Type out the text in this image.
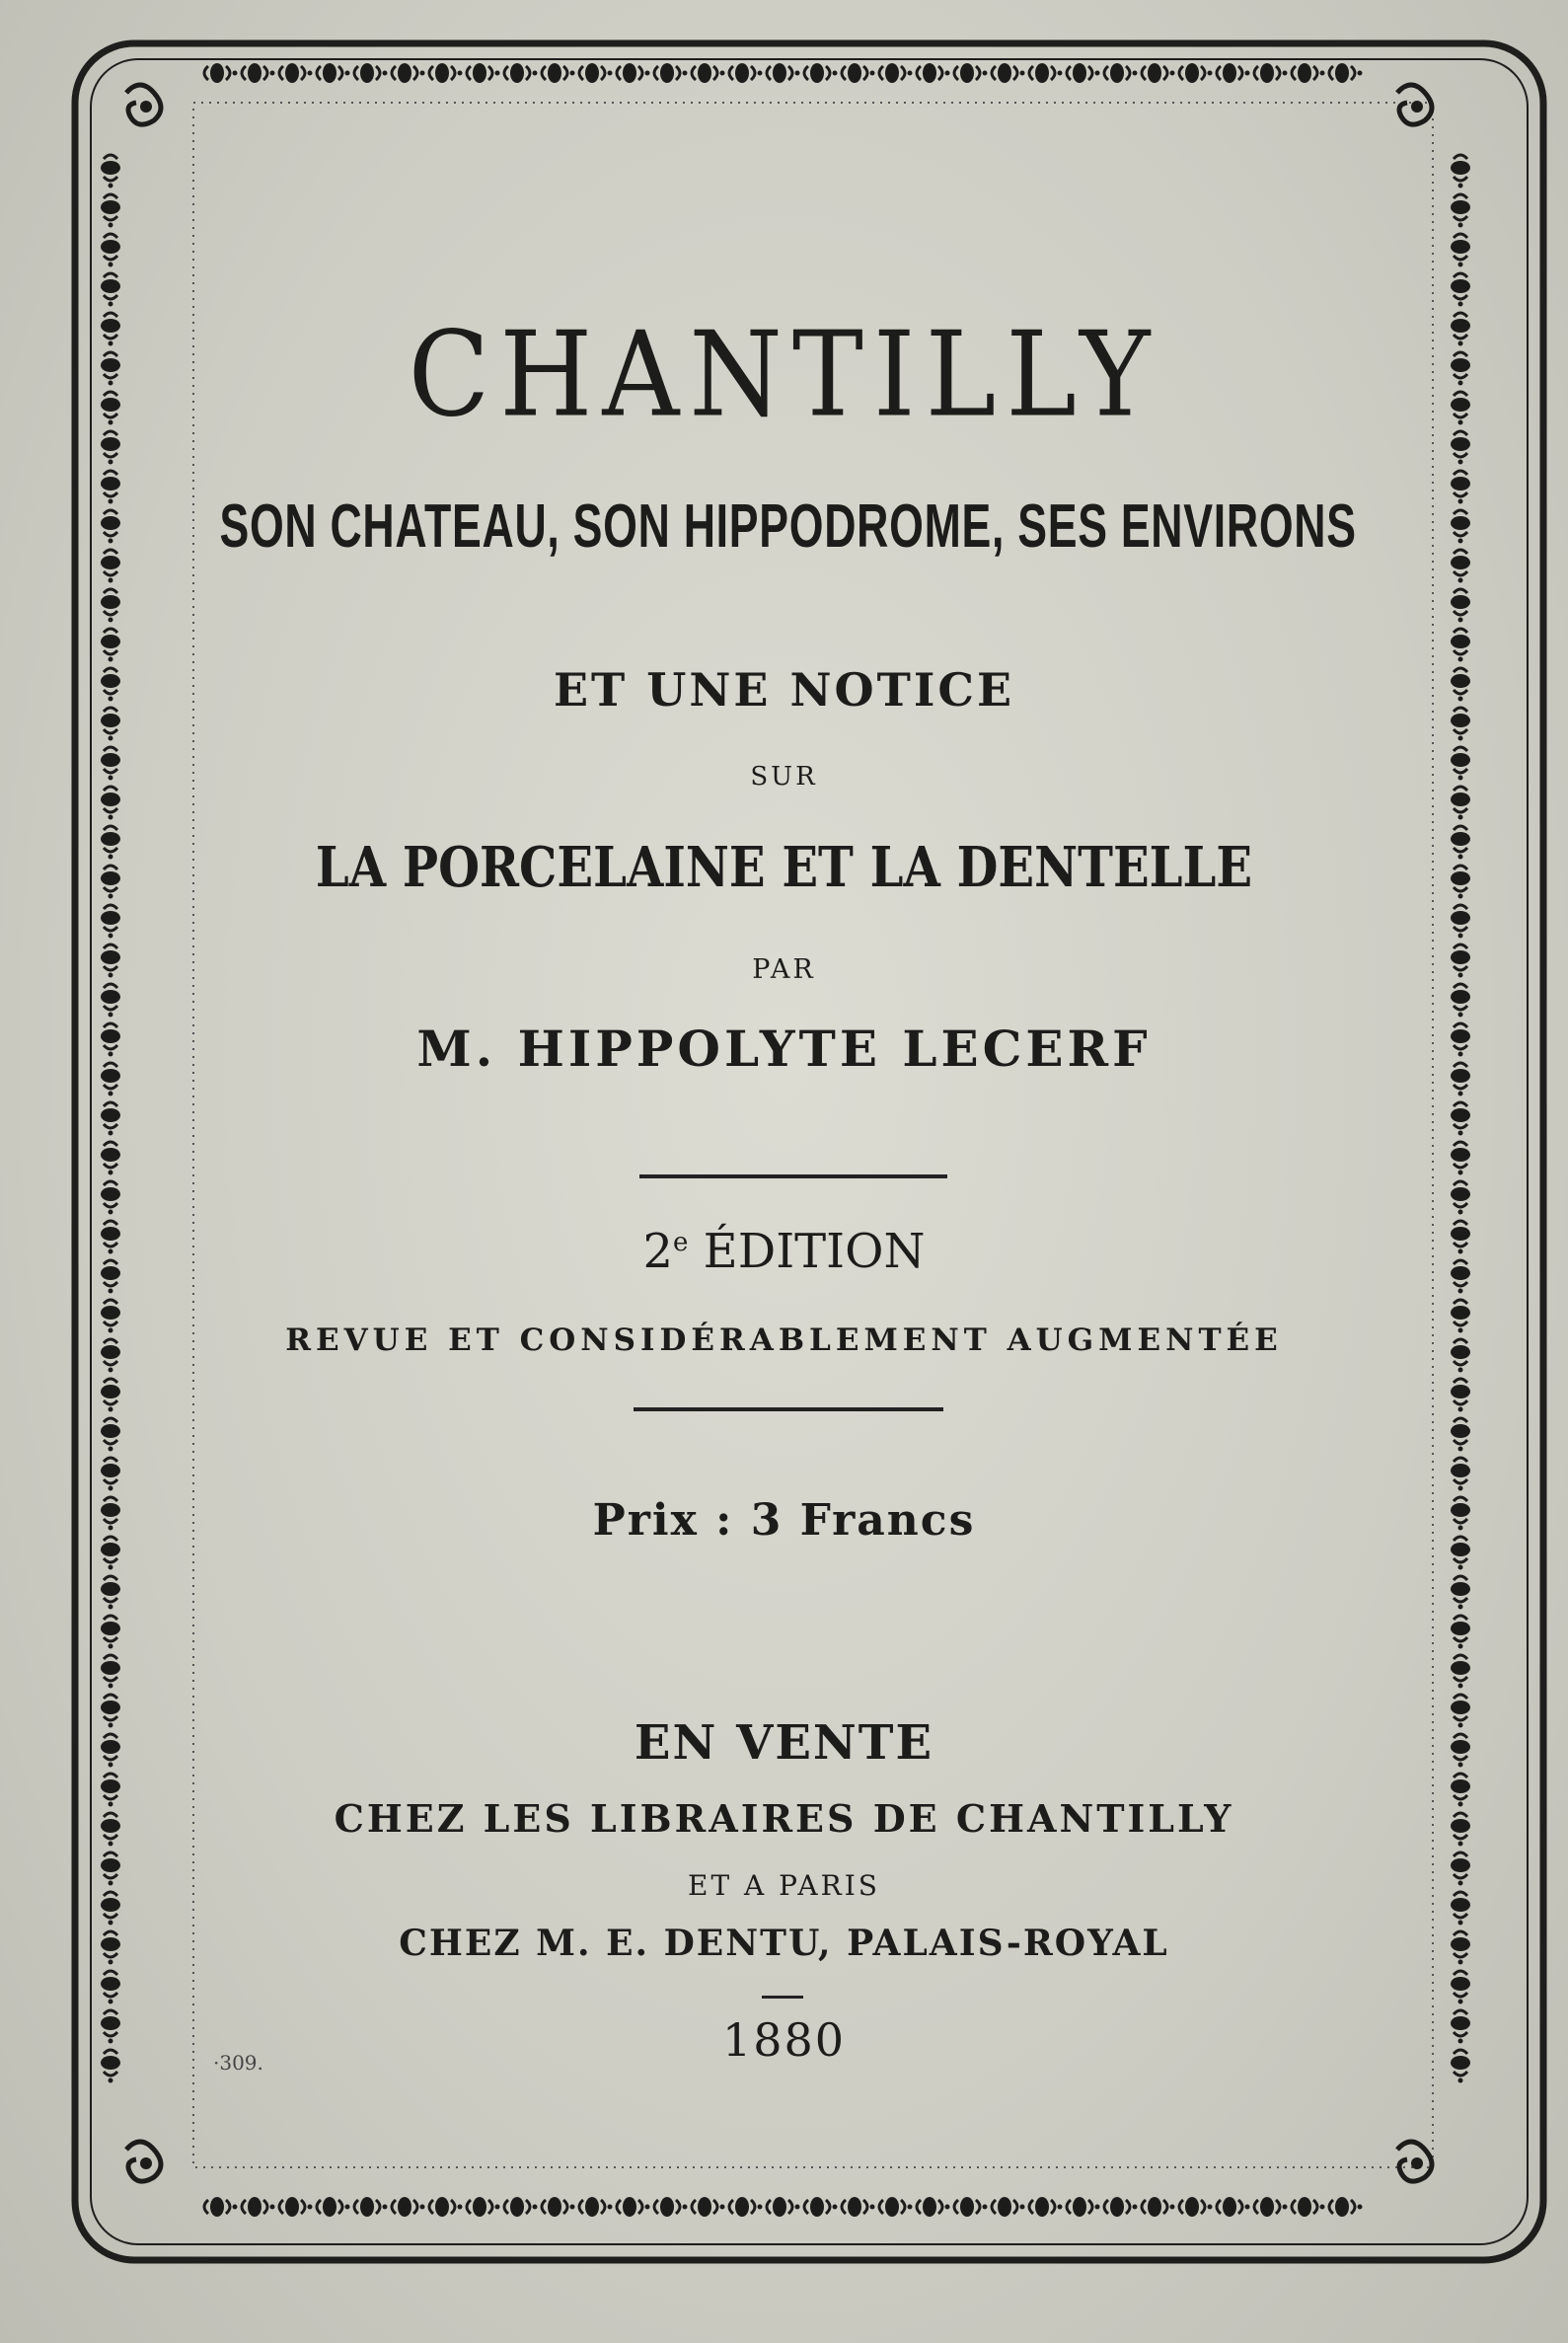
CHANTILLY
SON CHATEAU, SON HIPPODROME, SES ENVIRONS
ET UNE NOTICE
SUR
LA PORCELAINE ET LA DENTELLE
PAR
M. HIPPOLYTE LECERF
2e ÉDITION
REVUE ET CONSIDÉRABLEMENT AUGMENTÉE
Prix : 3 Francs
EN VENTE
CHEZ LES LIBRAIRES DE CHANTILLY
ET A PARIS
CHEZ M. E. DENTU, PALAIS-ROYAL
1880
·309.
